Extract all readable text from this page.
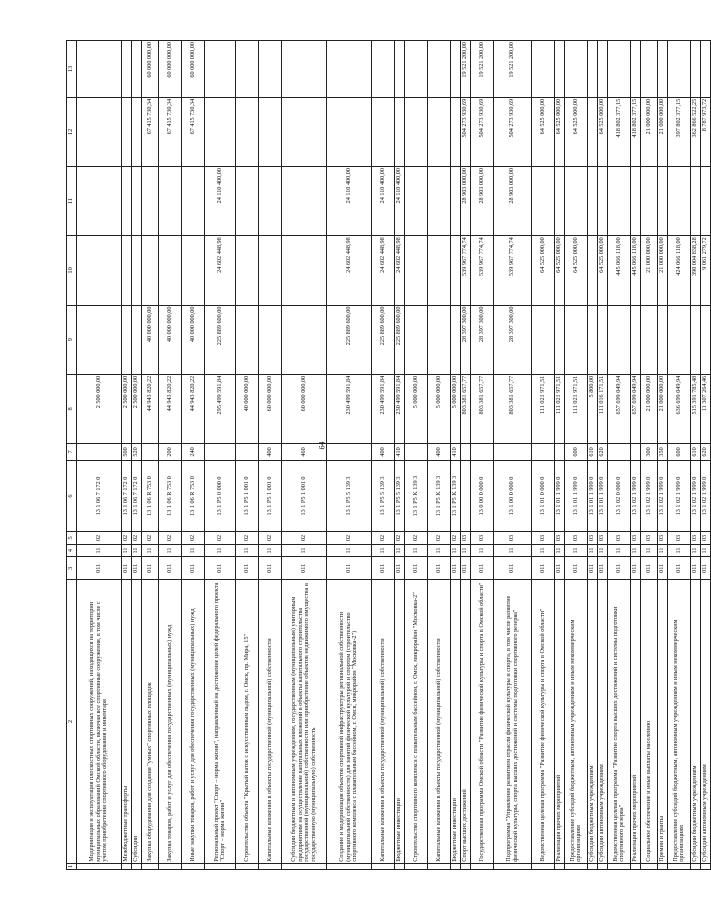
64
1	2	3	4	5	6	7	8	9	10	11	12	13
	Модернизация и эксплуатация плоскостных спортивных сооружений, находящихся на территории муниципальных образований Омской области, включая все спортивные сооружения, в том числе с учетом приобретения спортивного оборудования и инвентаря	011	11	02	13 1 06 7 172 0		2 500 000,00					
	Межбюджетные трансферты	011	11	02	13 1 06 7 172 0	500	2 500 000,00					
	Субсидии	011	11	02	13 1 06 7 172 0	520	2 500 000,00					
	Закупка оборудования для создания "умных" спортивных площадок	011	11	02	13 1 06 R 753 0		44 943 820,22	40 000 000,00			67 415 730,34	60 000 000,00
	Закупка товаров, работ и услуг для обеспечения государственных (муниципальных) нужд	011	11	02	13 1 06 R 753 0	200	44 943 820,22	40 000 000,00			67 415 730,34	60 000 000,00
	Иные закупки товаров, работ и услуг для обеспечения государственных (муниципальных) нужд	011	11	02	13 1 06 R 753 0	240	44 943 820,22	40 000 000,00			67 415 730,34	60 000 000,00
	Региональный проект "Спорт – норма жизни", направленный на достижение целей федерального проекта "Спорт – норма жизни"	011	11	02	13 1 P5 0 000 0		295 499 591,84	225 889 600,00	24 602 448,98	24 110 400,00		
	Строительство объекта "Крытый каток с искусственным льдом, г. Омск, пр. Мира, 15"	011	11	02	13 1 P5 1 001 0		40 000 000,00					
	Капитальные вложения в объекты государственной (муниципальной) собственности	011	11	02	13 1 P5 1 001 0	400	60 000 000,00					
	Субсидии бюджетным и автономным учреждениям, государственным (муниципальным) унитарным предприятиям на осуществление капитальных вложений в объекты капитального строительства государственной (муниципальной) собственности или приобретение объектов недвижимого имущества в государственную (муниципальную) собственность	011	11	02	13 1 P5 1 001 0	460	60 000 000,00					
	Создание и модернизация объектов спортивной инфраструктуры региональной собственности (муниципальной собственности) для занятий физической культурой и спортом (строительство спортивного комплекса с плавательным бассейном, г. Омск, микрорайон "Московка-2")	011	11	02	13 1 P5 5 139 3		230 499 591,84	225 889 600,00	24 602 448,98	24 110 400,00		
	Капитальные вложения в объекты государственной (муниципальной) собственности	011	11	02	13 1 P5 5 139 3	400	230 499 591,84	225 889 600,00	24 602 448,98	24 110 400,00		
	Бюджетные инвестиции	011	11	02	13 1 P5 5 139 3	410	230 499 591,84	225 889 600,00	24 602 448,98	24 110 400,00		
	Строительство спортивного комплекса с плавательным бассейном, г. Омск, микрорайон "Московка-2"	011	11	02	13 1 P5 K 139 3		5 000 000,00					
	Капитальные вложения в объекты государственной (муниципальной) собственности	011	11	02	13 1 P5 K 139 3	400	5 000 000,00					
	Бюджетные инвестиции	011	11	02	13 1 P5 K 139 3	410	5 000 000,00					
	Спорт высших достижений	011	11	03			803 381 657,77	28 397 300,00	539 967 774,74	28 903 000,00	504 273 930,69	19 521 200,00
	Государственная программа Омской области "Развитие физической культуры и спорта в Омской области"	011	11	03	13 0 00 0 000 0		803 381 657,77	28 397 300,00	539 967 774,74	28 903 000,00	504 273 930,69	19 521 200,00
	Подпрограмма "Управление развитием отрасли физической культуры и спорта, в том числе развитие физической культуры, спорта высших достижений и системы подготовки спортивного резерва"	011	11	03	13 1 00 0 000 0		803 381 657,77	28 397 300,00	539 967 774,74	28 903 000,00	504 273 930,69	19 521 200,00
	Ведомственная целевая программа "Развитие физической культуры и спорта в Омской области"	011	11	03	13 1 01 0 000 0		111 021 971,51		64 525 000,00		64 525 000,00	
	Реализация прочих мероприятий	011	11	03	13 1 01 1 999 0		111 021 971,51		64 525 000,00		64 525 000,00	
	Предоставление субсидий бюджетным, автономным учреждениям и иным некоммерческим организациям	011	11	03	13 1 01 1 999 0	600	111 021 971,51		64 525 000,00		64 525 000,00	
	Субсидии бюджетным учреждениям	011	11	03	13 1 01 1 999 0	610	5 800,00					
	Субсидии автономным учреждениям	011	11	03	13 1 01 1 999 0	620	111 016 171,51		64 525 000,00		64 525 000,00	
	Ведомственная целевая программа "Развитие спорта высших достижений и системы подготовки спортивного резерва"	011	11	03	13 1 02 0 000 0		657 699 049,94		445 066 118,00		418 802 377,15	
	Реализация прочих мероприятий	011	11	03	13 1 02 1 999 0		657 699 049,94		445 066 118,00		418 802 377,15	
	Социальное обеспечение и иные выплаты населению	011	11	03	13 1 02 1 999 0	300	21 000 000,00		21 000 000,00		21 000 000,00	
	Премии и гранты	011	11	03	13 1 02 1 999 0	350	21 000 000,00		21 000 000,00		21 000 000,00	
	Предоставление субсидий бюджетным, автономным учреждениям и иным некоммерческим организациям	011	11	03	13 1 02 1 999 0	600	636 699 049,94		424 066 118,00		397 802 377,15	
	Субсидии бюджетным учреждениям	011	11	03	13 1 02 1 999 0	610	515 391 785,48		390 004 838,28		362 866 522,25	
	Субсидии автономным учреждениям	011	11	03	13 1 02 1 999 0	620	11 307 264,46		9 061 279,72		8 787 973,72	
